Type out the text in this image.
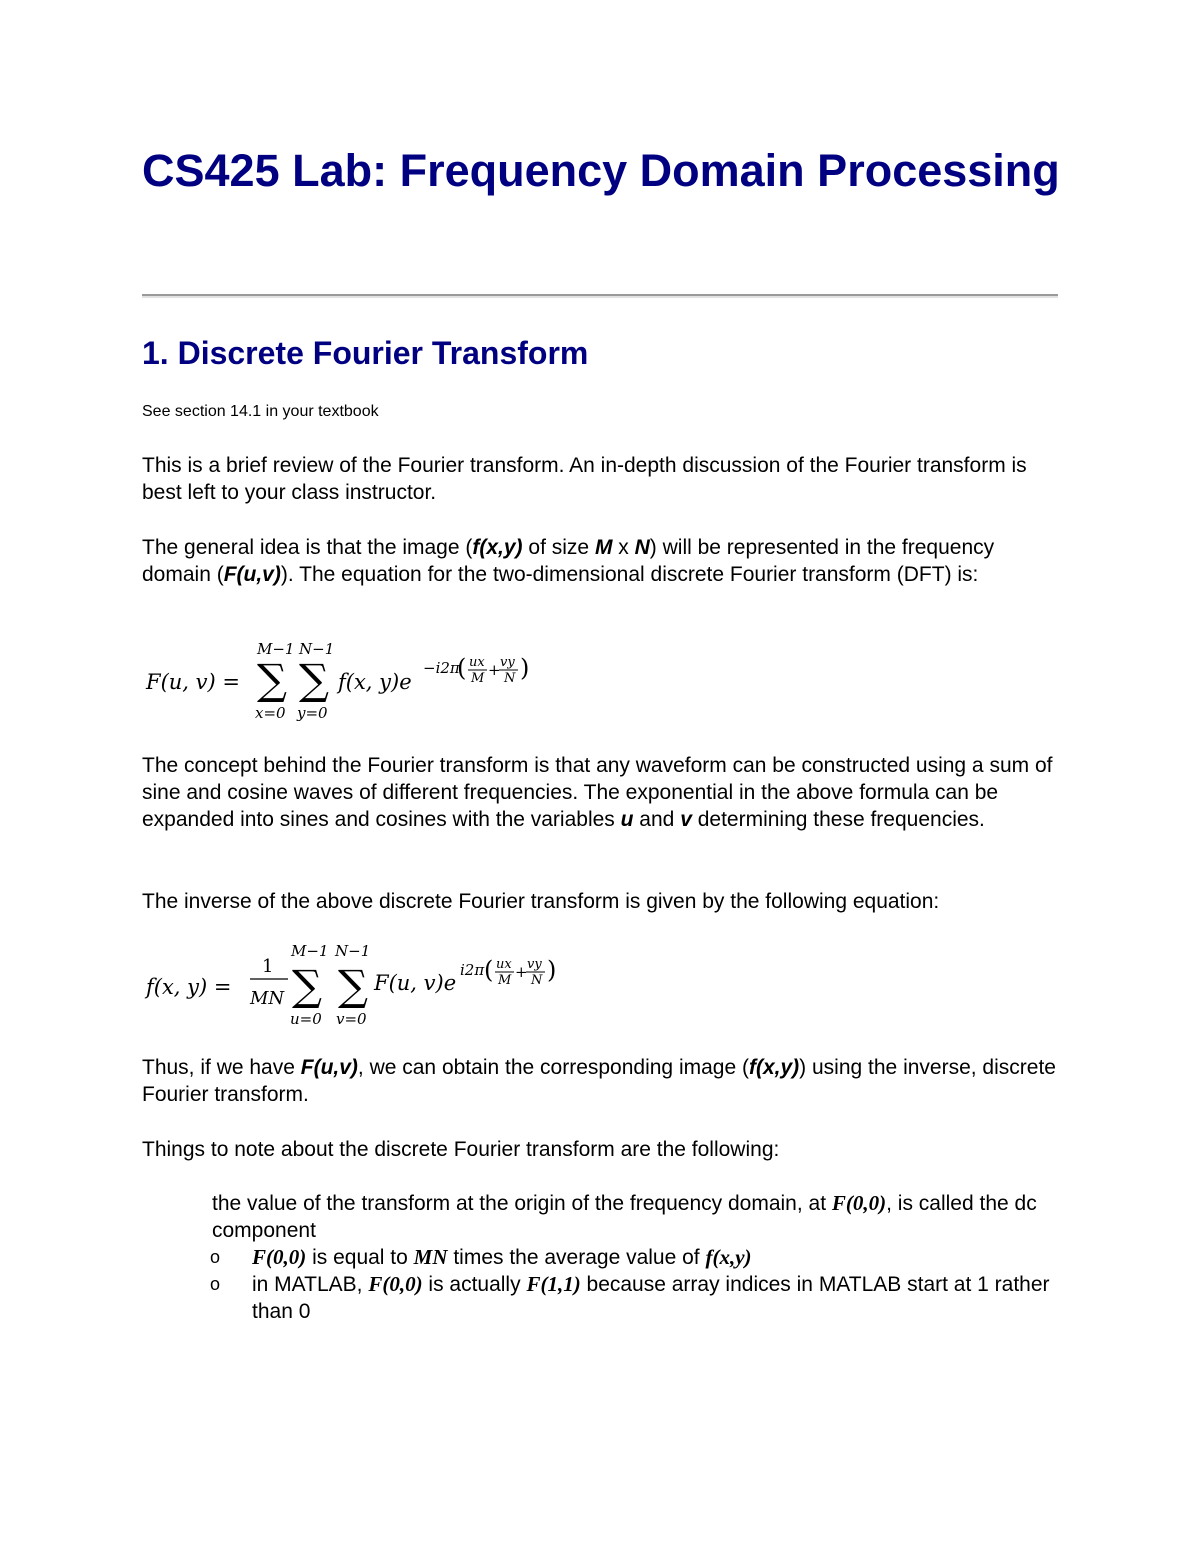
CS425 Lab: Frequency Domain Processing
1. Discrete Fourier Transform

See section 14.1 in your textbook

This is a brief review of the Fourier transform. An in-depth discussion of the Fourier transform is best left to your class instructor.

The general idea is that the image (f(x,y) of size M x N) will be represented in the frequency domain (F(u,v)). The equation for the two-dimensional discrete Fourier transform (DFT) is:

F(u, v) =
M−1
∑
x=0
N−1
∑
y=0
f(x, y)e
−i2π
( ux
M + vy
N )

The concept behind the Fourier transform is that any waveform can be constructed using a sum of sine and cosine waves of different frequencies. The exponential in the above formula can be expanded into sines and cosines with the variables u and v determining these frequencies.

The inverse of the above discrete Fourier transform is given by the following equation:

f(x, y) =
1
MN
M−1
∑
u=0
N−1
∑
v=0
F(u, v)e
i2π ( ux
M + vy
N )

Thus, if we have F(u,v), we can obtain the corresponding image (f(x,y)) using the inverse, discrete Fourier transform.

Things to note about the discrete Fourier transform are the following:

the value of the transform at the origin of the frequency domain, at F(0,0), is called the dc component

o F(0,0) is equal to MN times the average value of f(x,y)

o in MATLAB, F(0,0) is actually F(1,1) because array indices in MATLAB start at 1 rather than 0
